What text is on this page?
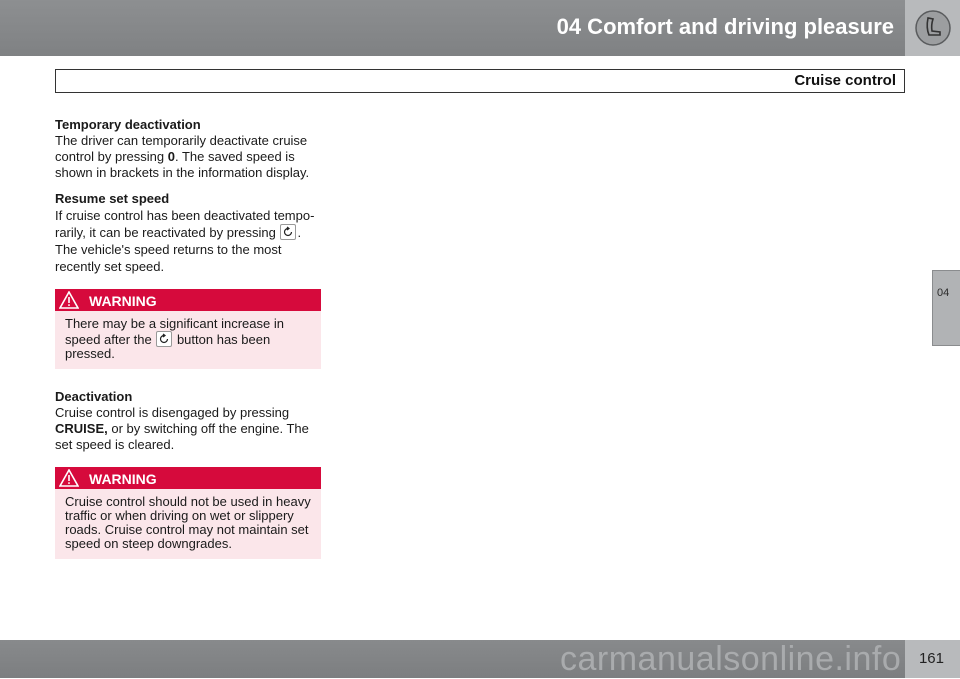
04 Comfort and driving pleasure
Cruise control
04
Temporary deactivation

The driver can temporarily deactivate cruise control by pressing 0. The saved speed is shown in brackets in the information display.

Resume set speed

If cruise control has been deactivated tempo- rarily, it can be reactivated by pressing
. The vehicle's speed returns to the most recently set speed.

WARNING
There may be a significant increase in speed after the
button has been pressed.
Deactivation

Cruise control is disengaged by pressing CRUISE, or by switching off the engine. The set speed is cleared.

WARNING
Cruise control should not be used in heavy traffic or when driving on wet or slippery roads. Cruise control may not maintain set speed on steep downgrades.
carmanualsonline.info 161
